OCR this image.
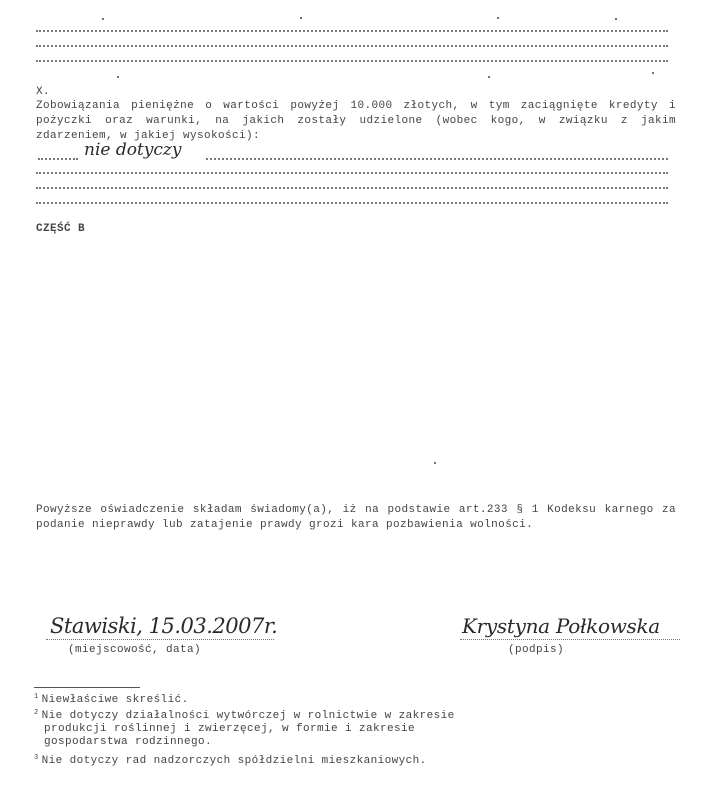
X.
Zobowiązania pieniężne o wartości powyżej 10.000 złotych, w tym zaciągnięte kredyty i pożyczki oraz warunki, na jakich zostały udzielone (wobec kogo, w związku z jakim zdarzeniem, w jakiej wysokości):
nie dotyczy
CZĘŚĆ B
Powyższe oświadczenie składam świadomy(a), iż na podstawie art.233 § 1 Kodeksu karnego za podanie nieprawdy lub zatajenie prawdy grozi kara pozbawienia wolności.
Stawiski, 15.03.2007r.
(miejscowość, data)
Krystyna Połkowska
(podpis)
$^1$ Niewłaściwe skreślić.
$^2$ Nie dotyczy działalności wytwórczej w rolnictwie w zakresie
produkcji roślinnej i zwierzęcej, w formie i zakresie
gospodarstwa rodzinnego.
$^3$ Nie dotyczy rad nadzorczych spółdzielni mieszkaniowych.
